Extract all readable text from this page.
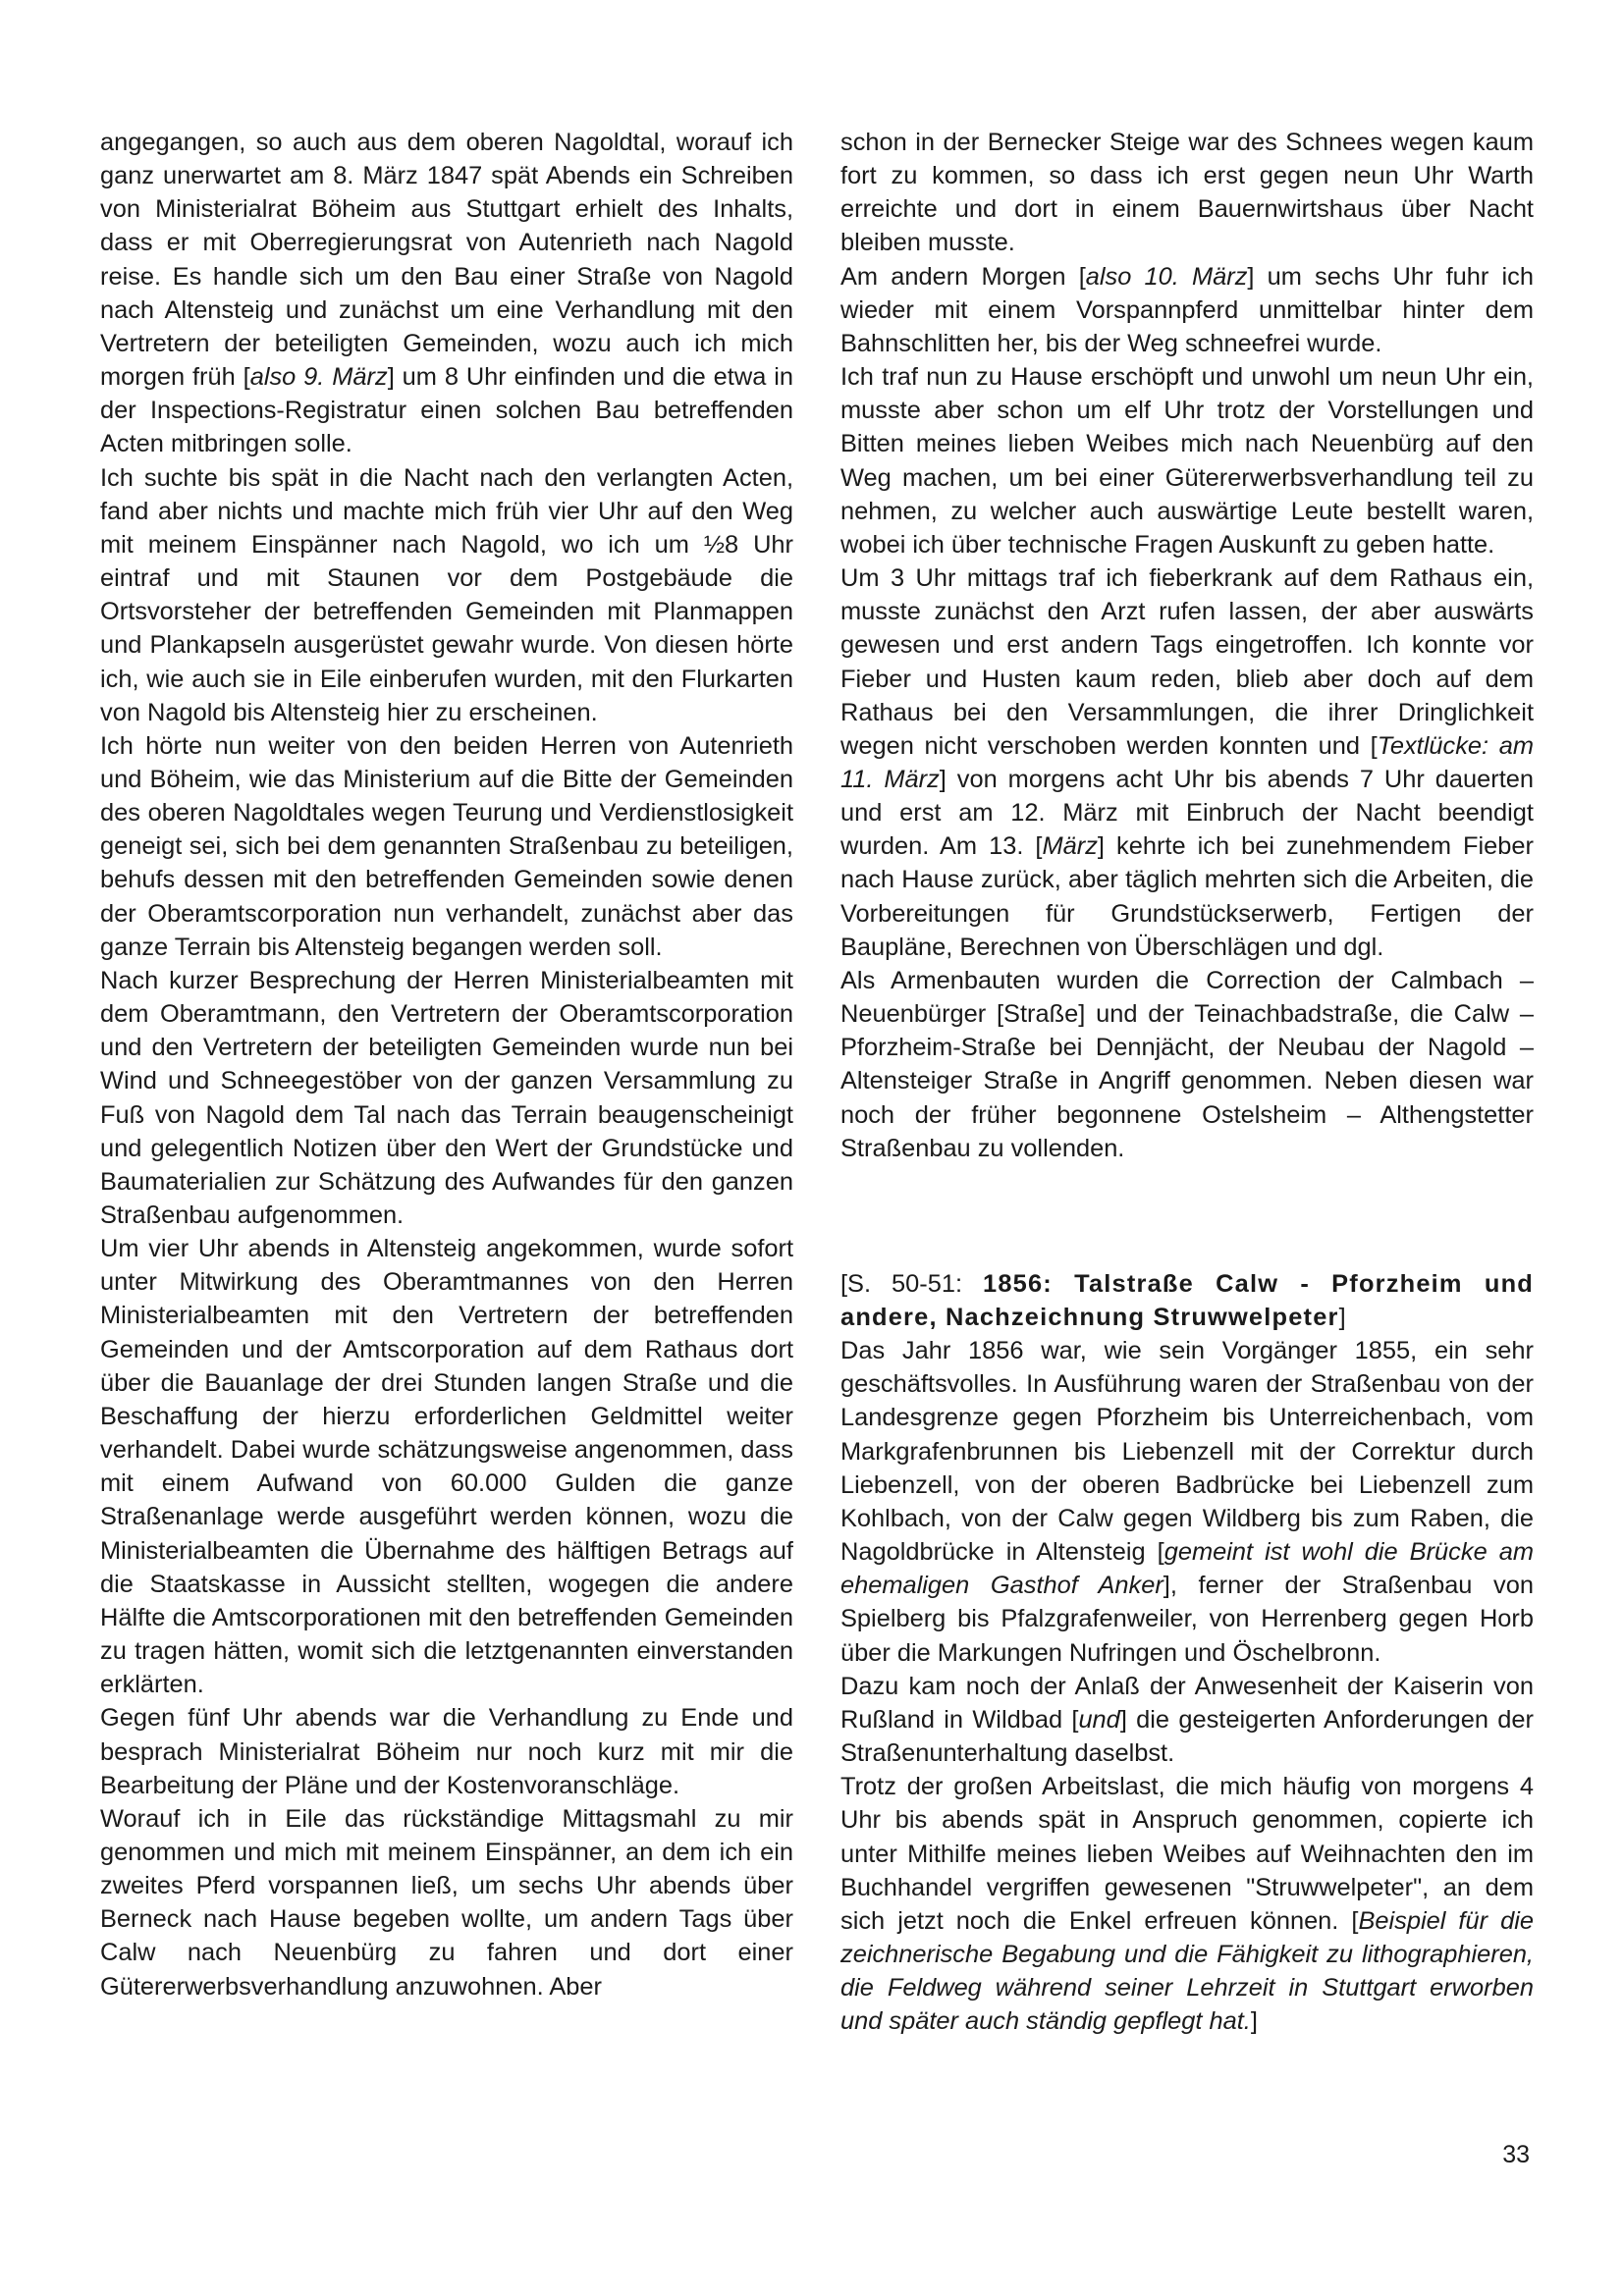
angegangen, so auch aus dem oberen Nagoldtal, worauf ich ganz unerwartet am 8. März 1847 spät Abends ein Schreiben von Ministerialrat Böheim aus Stuttgart erhielt des Inhalts, dass er mit Oberregierungsrat von Autenrieth nach Nagold reise. Es handle sich um den Bau einer Straße von Nagold nach Altensteig und zunächst um eine Verhandlung mit den Vertretern der beteiligten Gemeinden, wozu auch ich mich morgen früh [also 9. März] um 8 Uhr einfinden und die etwa in der Inspections-Registratur einen solchen Bau betreffenden Acten mitbringen solle.

Ich suchte bis spät in die Nacht nach den verlangten Acten, fand aber nichts und machte mich früh vier Uhr auf den Weg mit meinem Einspänner nach Nagold, wo ich um ½8 Uhr eintraf und mit Staunen vor dem Postgebäude die Ortsvorsteher der betreffenden Gemeinden mit Planmappen und Plankapseln ausgerüstet gewahr wurde. Von diesen hörte ich, wie auch sie in Eile einberufen wurden, mit den Flurkarten von Nagold bis Altensteig hier zu erscheinen.

Ich hörte nun weiter von den beiden Herren von Autenrieth und Böheim, wie das Ministerium auf die Bitte der Gemeinden des oberen Nagoldtales wegen Teurung und Verdienstlosigkeit geneigt sei, sich bei dem genannten Straßenbau zu beteiligen, behufs dessen mit den betreffenden Gemeinden sowie denen der Oberamtscorporation nun verhandelt, zunächst aber das ganze Terrain bis Altensteig begangen werden soll.

Nach kurzer Besprechung der Herren Ministerialbeamten mit dem Oberamtmann, den Vertretern der Oberamtscorporation und den Vertretern der beteiligten Gemeinden wurde nun bei Wind und Schneegestöber von der ganzen Versammlung zu Fuß von Nagold dem Tal nach das Terrain beaugenscheinigt und gelegentlich Notizen über den Wert der Grundstücke und Baumaterialien zur Schätzung des Aufwandes für den ganzen Straßenbau aufgenommen.

Um vier Uhr abends in Altensteig angekommen, wurde sofort unter Mitwirkung des Oberamtmannes von den Herren Ministerialbeamten mit den Vertretern der betreffenden Gemeinden und der Amtscorporation auf dem Rathaus dort über die Bauanlage der drei Stunden langen Straße und die Beschaffung der hierzu erforderlichen Geldmittel weiter verhandelt. Dabei wurde schätzungsweise angenommen, dass mit einem Aufwand von 60.000 Gulden die ganze Straßenanlage werde ausgeführt werden können, wozu die Ministerialbeamten die Übernahme des hälftigen Betrags auf die Staatskasse in Aussicht stellten, wogegen die andere Hälfte die Amtscorporationen mit den betreffenden Gemeinden zu tragen hätten, womit sich die letztgenannten einverstanden erklärten.

Gegen fünf Uhr abends war die Verhandlung zu Ende und besprach Ministerialrat Böheim nur noch kurz mit mir die Bearbeitung der Pläne und der Kostenvoranschläge.

Worauf ich in Eile das rückständige Mittagsmahl zu mir genommen und mich mit meinem Einspänner, an dem ich ein zweites Pferd vorspannen ließ, um sechs Uhr abends über Berneck nach Hause begeben wollte, um andern Tags über Calw nach Neuenbürg zu fahren und dort einer Gütererwerbsverhandlung anzuwohnen. Aber

schon in der Bernecker Steige war des Schnees wegen kaum fort zu kommen, so dass ich erst gegen neun Uhr Warth erreichte und dort in einem Bauernwirtshaus über Nacht bleiben musste.

Am andern Morgen [also 10. März] um sechs Uhr fuhr ich wieder mit einem Vorspannpferd unmittelbar hinter dem Bahnschlitten her, bis der Weg schneefrei wurde.

Ich traf nun zu Hause erschöpft und unwohl um neun Uhr ein, musste aber schon um elf Uhr trotz der Vorstellungen und Bitten meines lieben Weibes mich nach Neuenbürg auf den Weg machen, um bei einer Gütererwerbsverhandlung teil zu nehmen, zu welcher auch auswärtige Leute bestellt waren, wobei ich über technische Fragen Auskunft zu geben hatte.

Um 3 Uhr mittags traf ich fieberkrank auf dem Rathaus ein, musste zunächst den Arzt rufen lassen, der aber auswärts gewesen und erst andern Tags eingetroffen. Ich konnte vor Fieber und Husten kaum reden, blieb aber doch auf dem Rathaus bei den Versammlungen, die ihrer Dringlichkeit wegen nicht verschoben werden konnten und [Textlücke: am 11. März] von morgens acht Uhr bis abends 7 Uhr dauerten und erst am 12. März mit Einbruch der Nacht beendigt wurden. Am 13. [März] kehrte ich bei zunehmendem Fieber nach Hause zurück, aber täglich mehrten sich die Arbeiten, die Vorbereitungen für Grundstückserwerb, Fertigen der Baupläne, Berechnen von Überschlägen und dgl.

Als Armenbauten wurden die Correction der Calmbach – Neuenbürger [Straße] und der Teinachbadstraße, die Calw – Pforzheim-Straße bei Dennjächt, der Neubau der Nagold – Altensteiger Straße in Angriff genommen. Neben diesen war noch der früher begonnene Ostelsheim – Althengstetter Straßenbau zu vollenden.

[S. 50-51: 1856: Talstraße Calw - Pforzheim und andere, Nachzeichnung Struwwelpeter]

Das Jahr 1856 war, wie sein Vorgänger 1855, ein sehr geschäftsvolles. In Ausführung waren der Straßenbau von der Landesgrenze gegen Pforzheim bis Unterreichenbach, vom Markgrafenbrunnen bis Liebenzell mit der Correktur durch Liebenzell, von der oberen Badbrücke bei Liebenzell zum Kohlbach, von der Calw gegen Wildberg bis zum Raben, die Nagoldbrücke in Altensteig [gemeint ist wohl die Brücke am ehemaligen Gasthof Anker], ferner der Straßenbau von Spielberg bis Pfalzgrafenweiler, von Herrenberg gegen Horb über die Markungen Nufringen und Öschelbronn.

Dazu kam noch der Anlaß der Anwesenheit der Kaiserin von Rußland in Wildbad [und] die gesteigerten Anforderungen der Straßenunterhaltung daselbst.

Trotz der großen Arbeitslast, die mich häufig von morgens 4 Uhr bis abends spät in Anspruch genommen, copierte ich unter Mithilfe meines lieben Weibes auf Weihnachten den im Buchhandel vergriffen gewesenen "Struwwelpeter", an dem sich jetzt noch die Enkel erfreuen können. [Beispiel für die zeichnerische Begabung und die Fähigkeit zu lithographieren, die Feldweg während seiner Lehrzeit in Stuttgart erworben und später auch ständig gepflegt hat.]

33
